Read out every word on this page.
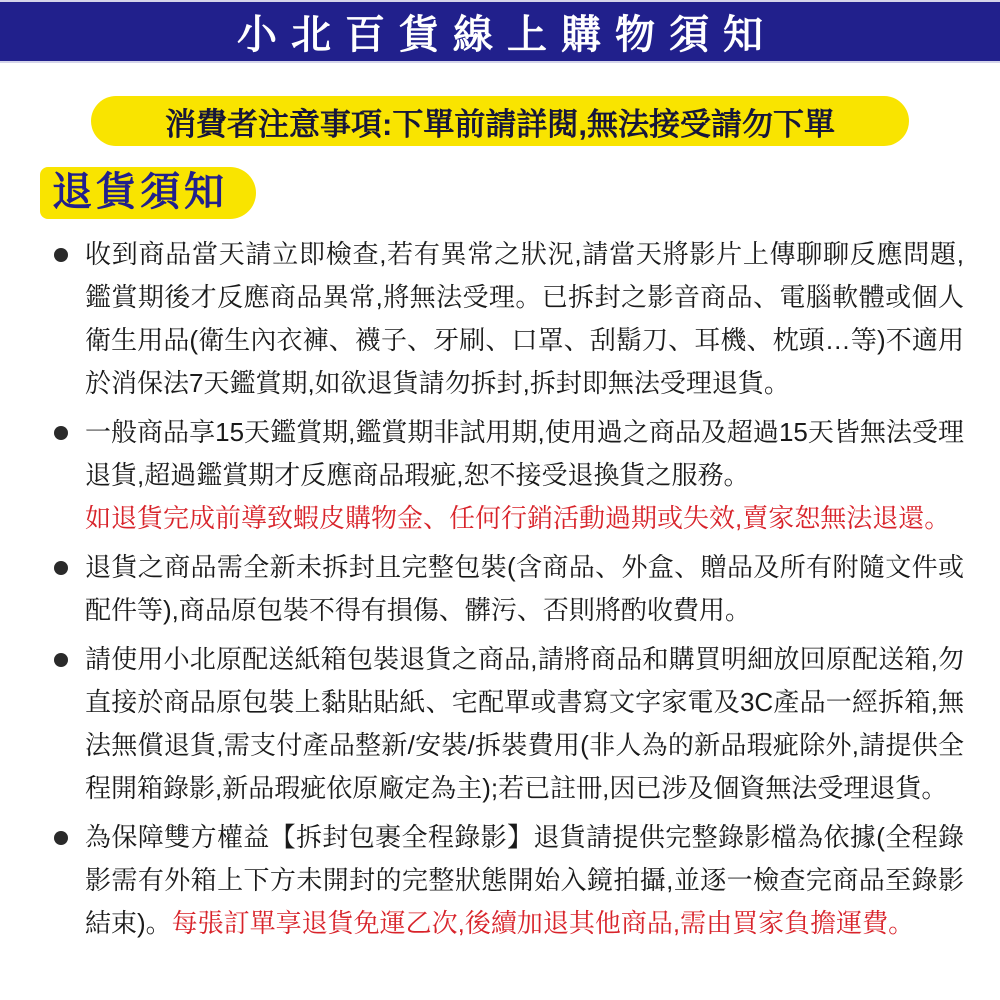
小北百貨線上購物須知
消費者注意事項:下單前請詳閱,無法接受請勿下單
退貨須知

收到商品當天請立即檢查,若有異常之狀況,請當天將影片上傳聊聊反應問題,鑑賞期後才反應商品異常,將無法受理。已拆封之影音商品、電腦軟體或個人衛生用品(衛生內衣褲、襪子、牙刷、口罩、刮鬍刀、耳機、枕頭…等)不適用於消保法7天鑑賞期,如欲退貨請勿拆封,拆封即無法受理退貨。

一般商品享15天鑑賞期,鑑賞期非試用期,使用過之商品及超過15天皆無法受理退貨,超過鑑賞期才反應商品瑕疵,恕不接受退換貨之服務。

如退貨完成前導致蝦皮購物金、任何行銷活動過期或失效,賣家恕無法退還。

退貨之商品需全新未拆封且完整包裝(含商品、外盒、贈品及所有附隨文件或配件等),商品原包裝不得有損傷、髒污、否則將酌收費用。

請使用小北原配送紙箱包裝退貨之商品,請將商品和購買明細放回原配送箱,勿直接於商品原包裝上黏貼貼紙、宅配單或書寫文字家電及3C產品一經拆箱,無法無償退貨,需支付產品整新/安裝/拆裝費用(非人為的新品瑕疵除外,請提供全程開箱錄影,新品瑕疵依原廠定為主);若已註冊,因已涉及個資無法受理退貨。

為保障雙方權益【拆封包裹全程錄影】退貨請提供完整錄影檔為依據(全程錄影需有外箱上下方未開封的完整狀態開始入鏡拍攝,並逐一檢查完商品至錄影結束)。每張訂單享退貨免運乙次,後續加退其他商品,需由買家負擔運費。
